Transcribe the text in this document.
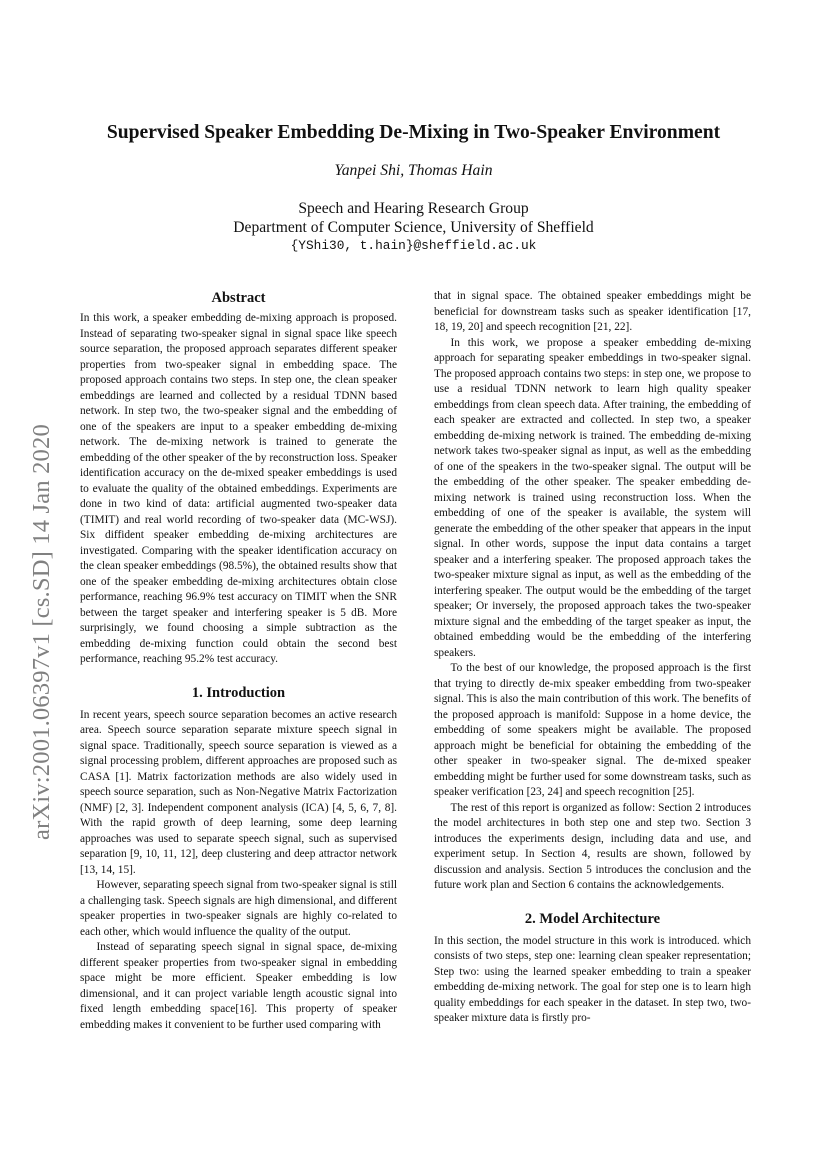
arXiv:2001.06397v1 [cs.SD] 14 Jan 2020
Supervised Speaker Embedding De-Mixing in Two-Speaker Environment
Yanpei Shi, Thomas Hain
Speech and Hearing Research Group
Department of Computer Science, University of Sheffield
{YShi30, t.hain}@sheffield.ac.uk
Abstract

In this work, a speaker embedding de-mixing approach is proposed. Instead of separating two-speaker signal in signal space like speech source separation, the proposed approach separates different speaker properties from two-speaker signal in embedding space. The proposed approach contains two steps. In step one, the clean speaker embeddings are learned and collected by a residual TDNN based network. In step two, the two-speaker signal and the embedding of one of the speakers are input to a speaker embedding de-mixing network. The de-mixing network is trained to generate the embedding of the other speaker of the by reconstruction loss. Speaker identification accuracy on the de-mixed speaker embeddings is used to evaluate the quality of the obtained embeddings. Experiments are done in two kind of data: artificial augmented two-speaker data (TIMIT) and real world recording of two-speaker data (MC-WSJ). Six diffident speaker embedding de-mixing architectures are investigated. Comparing with the speaker identification accuracy on the clean speaker embeddings (98.5%), the obtained results show that one of the speaker embedding de-mixing architectures obtain close performance, reaching 96.9% test accuracy on TIMIT when the SNR between the target speaker and interfering speaker is 5 dB. More surprisingly, we found choosing a simple subtraction as the embedding de-mixing function could obtain the second best performance, reaching 95.2% test accuracy.

1. Introduction

In recent years, speech source separation becomes an active research area. Speech source separation separate mixture speech signal in signal space. Traditionally, speech source separation is viewed as a signal processing problem, different approaches are proposed such as CASA [1]. Matrix factorization methods are also widely used in speech source separation, such as Non-Negative Matrix Factorization (NMF) [2, 3]. Independent component analysis (ICA) [4, 5, 6, 7, 8]. With the rapid growth of deep learning, some deep learning approaches was used to separate speech signal, such as supervised separation [9, 10, 11, 12], deep clustering and deep attractor network [13, 14, 15].

However, separating speech signal from two-speaker signal is still a challenging task. Speech signals are high dimensional, and different speaker properties in two-speaker signals are highly co-related to each other, which would influence the quality of the output.

Instead of separating speech signal in signal space, de-mixing different speaker properties from two-speaker signal in embedding space might be more efficient. Speaker embedding is low dimensional, and it can project variable length acoustic signal into fixed length embedding space[16]. This property of speaker embedding makes it convenient to be further used comparing with

that in signal space. The obtained speaker embeddings might be beneficial for downstream tasks such as speaker identification [17, 18, 19, 20] and speech recognition [21, 22].

In this work, we propose a speaker embedding de-mixing approach for separating speaker embeddings in two-speaker signal. The proposed approach contains two steps: in step one, we propose to use a residual TDNN network to learn high quality speaker embeddings from clean speech data. After training, the embedding of each speaker are extracted and collected. In step two, a speaker embedding de-mixing network is trained. The embedding de-mixing network takes two-speaker signal as input, as well as the embedding of one of the speakers in the two-speaker signal. The output will be the embedding of the other speaker. The speaker embedding de-mixing network is trained using reconstruction loss. When the embedding of one of the speaker is available, the system will generate the embedding of the other speaker that appears in the input signal. In other words, suppose the input data contains a target speaker and a interfering speaker. The proposed approach takes the two-speaker mixture signal as input, as well as the embedding of the interfering speaker. The output would be the embedding of the target speaker; Or inversely, the proposed approach takes the two-speaker mixture signal and the embedding of the target speaker as input, the obtained embedding would be the embedding of the interfering speakers.

To the best of our knowledge, the proposed approach is the first that trying to directly de-mix speaker embedding from two-speaker signal. This is also the main contribution of this work. The benefits of the proposed approach is manifold: Suppose in a home device, the embedding of some speakers might be available. The proposed approach might be beneficial for obtaining the embedding of the other speaker in two-speaker signal. The de-mixed speaker embedding might be further used for some downstream tasks, such as speaker verification [23, 24] and speech recognition [25].

The rest of this report is organized as follow: Section 2 introduces the model architectures in both step one and step two. Section 3 introduces the experiments design, including data and use, and experiment setup. In Section 4, results are shown, followed by discussion and analysis. Section 5 introduces the conclusion and the future work plan and Section 6 contains the acknowledgements.

2. Model Architecture

In this section, the model structure in this work is introduced. which consists of two steps, step one: learning clean speaker representation; Step two: using the learned speaker embedding to train a speaker embedding de-mixing network. The goal for step one is to learn high quality embeddings for each speaker in the dataset. In step two, two-speaker mixture data is firstly pro-
